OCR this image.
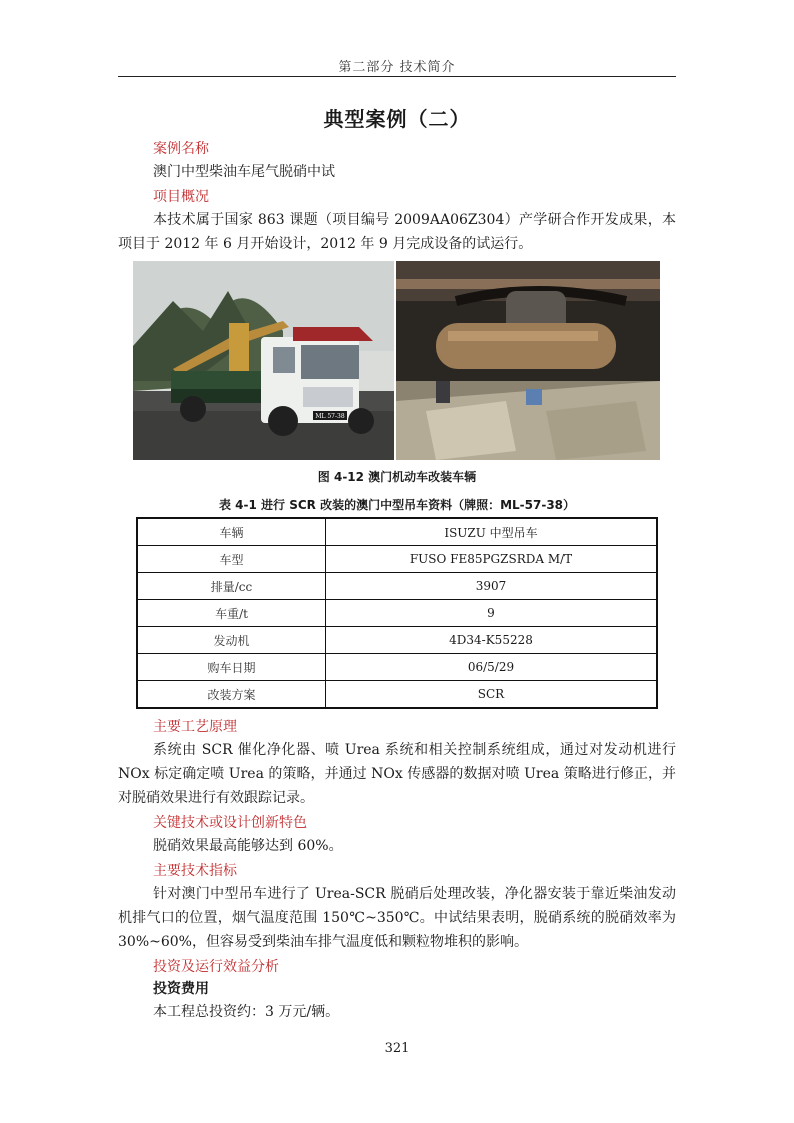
第二部分 技术简介
典型案例（二）
案例名称
澳门中型柴油车尾气脱硝中试
项目概况
本技术属于国家 863 课题（项目编号 2009AA06Z304）产学研合作开发成果，本项目于 2012 年 6 月开始设计，2012 年 9 月完成设备的试运行。
ML 57-38
图 4-12 澳门机动车改装车辆
表 4-1 进行 SCR 改装的澳门中型吊车资料（牌照：ML-57-38）
车辆	ISUZU 中型吊车
车型	FUSO FE85PGZSRDA M/T
排量/cc	3907
车重/t	9
发动机	4D34-K55228
购车日期	06/5/29
改装方案	SCR
主要工艺原理
系统由 SCR 催化净化器、喷 Urea 系统和相关控制系统组成，通过对发动机进行 NOx 标定确定喷 Urea 的策略，并通过 NOx 传感器的数据对喷 Urea 策略进行修正，并对脱硝效果进行有效跟踪记录。
关键技术或设计创新特色
脱硝效果最高能够达到 60%。
主要技术指标
针对澳门中型吊车进行了 Urea-SCR 脱硝后处理改装，净化器安装于靠近柴油发动机排气口的位置，烟气温度范围 150℃~350℃。中试结果表明，脱硝系统的脱硝效率为 30%~60%，但容易受到柴油车排气温度低和颗粒物堆积的影响。
投资及运行效益分析
投资费用
本工程总投资约：3 万元/辆。
321
